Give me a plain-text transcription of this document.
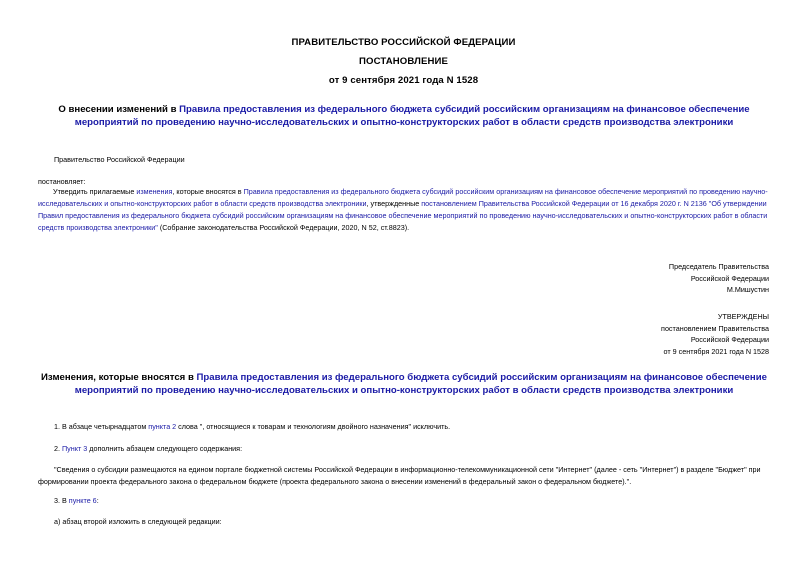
ПРАВИТЕЛЬСТВО РОССИЙСКОЙ ФЕДЕРАЦИИ
ПОСТАНОВЛЕНИЕ
от 9 сентября 2021 года N 1528
О внесении изменений в Правила предоставления из федерального бюджета субсидий российским организациям на финансовое обеспечение мероприятий по проведению научно-исследовательских и опытно-конструкторских работ в области средств производства электроники
Правительство Российской Федерации
постановляет:
Утвердить прилагаемые изменения, которые вносятся в Правила предоставления из федерального бюджета субсидий российским организациям на финансовое обеспечение мероприятий по проведению научно-исследовательских и опытно-конструкторских работ в области средств производства электроники, утвержденные постановлением Правительства Российской Федерации от 16 декабря 2020 г. N 2136 "Об утверждении Правил предоставления из федерального бюджета субсидий российским организациям на финансовое обеспечение мероприятий по проведению научно-исследовательских и опытно-конструкторских работ в области средств производства электроники" (Собрание законодательства Российской Федерации, 2020, N 52, ст.8823).

Председатель Правительства

Российской Федерации

М.Мишустин

УТВЕРЖДЕНЫ

постановлением Правительства

Российской Федерации

от 9 сентября 2021 года N 1528

Изменения, которые вносятся в Правила предоставления из федерального бюджета субсидий российским организациям на финансовое обеспечение мероприятий по проведению научно-исследовательских и опытно-конструкторских работ в области средств производства электроники
1. В абзаце четырнадцатом пункта 2 слова ", относящиеся к товарам и технологиям двойного назначения" исключить.
2. Пункт 3 дополнить абзацем следующего содержания:
"Сведения о субсидии размещаются на едином портале бюджетной системы Российской Федерации в информационно-телекоммуникационной сети "Интернет" (далее - сеть "Интернет") в разделе "Бюджет" при формировании проекта федерального закона о федеральном бюджете (проекта федерального закона о внесении изменений в федеральный закон о федеральном бюджете).".
3. В пункте 6:
а) абзац второй изложить в следующей редакции:
